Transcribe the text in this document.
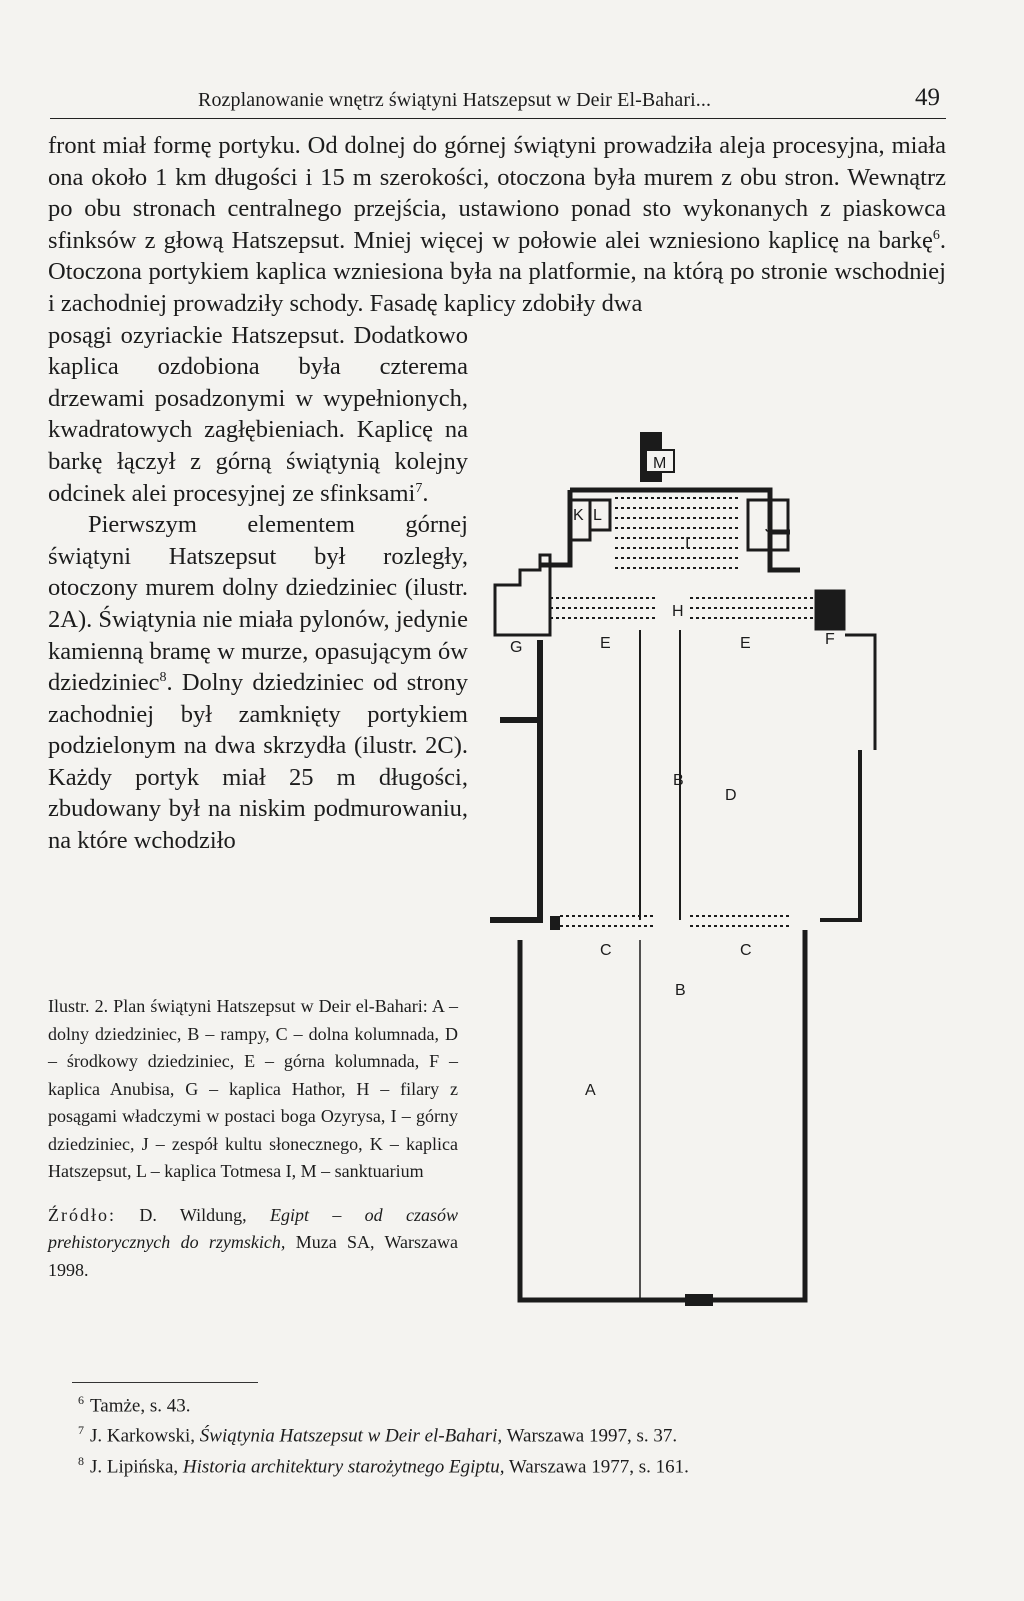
Rozplanowanie wnętrz świątyni Hatszepsut w Deir El-Bahari...	49

front miał formę portyku. Od dolnej do górnej świątyni prowadziła aleja procesyjna, miała ona około 1 km długości i 15 m szerokości, otoczona była murem z obu stron. Wewnątrz po obu stronach centralnego przejścia, ustawiono ponad sto wykonanych z piaskowca sfinksów z głową Hatszepsut. Mniej więcej w połowie alei wzniesiono kaplicę na barkę$^6$. Otoczona portykiem kaplica wzniesiona była na platformie, na którą po stronie wschodniej i zachodniej prowadziły schody. Fasadę kaplicy zdobiły dwa

posągi ozyriackie Hatszepsut. Dodatkowo kaplica ozdobiona była czterema drzewami posadzonymi w wypełnionych, kwadratowych zagłębieniach. Kaplicę na barkę łączył z górną świątynią kolejny odcinek alei procesyjnej ze sfinksami$^7$.

Pierwszym elementem górnej świątyni Hatszepsut był rozległy, otoczony murem dolny dziedziniec (ilustr. 2A). Świątynia nie miała pylonów, jedynie kamienną bramę w murze, opasującym ów dziedziniec$^8$. Dolny dziedziniec od strony zachodniej był zamknięty portykiem podzielonym na dwa skrzydła (ilustr. 2C). Każdy portyk miał 25 m długości, zbudowany był na niskim podmurowaniu, na które wchodziło

Ilustr. 2. Plan świątyni Hatszepsut w Deir el-Bahari: A – dolny dziedziniec, B – rampy, C – dolna kolumnada, D – środkowy dziedziniec, E – górna kolumnada, F – kaplica Anubisa, G – kaplica Hathor, H – filary z posągami władczymi w postaci boga Ozyrysa, I – górny dziedziniec, J – zespół kultu słonecznego, K – kaplica Hatszepsut, L – kaplica Totmesa I, M – sanktuarium

Źródło: D. Wildung, Egipt – od czasów prehistorycznych do rzymskich, Muza SA, Warszawa 1998.

M
K L
I
J
H
G	E	E	F
B
D
C	C
B
A

$^6$ Tamże, s. 43.

$^7$ J. Karkowski, Świątynia Hatszepsut w Deir el-Bahari, Warszawa 1997, s. 37.

$^8$ J. Lipińska, Historia architektury starożytnego Egiptu, Warszawa 1977, s. 161.
